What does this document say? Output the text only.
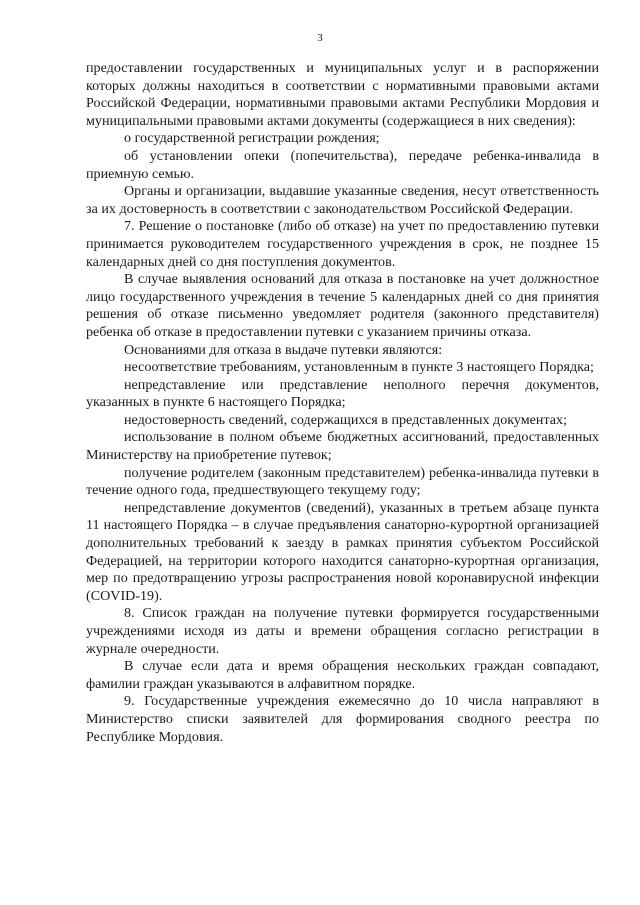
3

предоставлении государственных и муниципальных услуг и в распоряжении которых должны находиться в соответствии с нормативными правовыми актами Российской Федерации, нормативными правовыми актами Республики Мордовия и муниципальными правовыми актами документы (содержащиеся в них сведения):

о государственной регистрации рождения;

об установлении опеки (попечительства), передаче ребенка-инвалида в приемную семью.

Органы и организации, выдавшие указанные сведения, несут ответственность за их достоверность в соответствии с законодательством Российской Федерации.

7. Решение о постановке (либо об отказе) на учет по предоставлению путевки принимается руководителем государственного учреждения в срок, не позднее 15 календарных дней со дня поступления документов.

В случае выявления оснований для отказа в постановке на учет должностное лицо государственного учреждения в течение 5 календарных дней со дня принятия решения об отказе письменно уведомляет родителя (законного представителя) ребенка об отказе в предоставлении путевки с указанием причины отказа.

Основаниями для отказа в выдаче путевки являются:

несоответствие требованиям, установленным в пункте 3 настоящего Порядка;

непредставление или представление неполного перечня документов, указанных в пункте 6 настоящего Порядка;

недостоверность сведений, содержащихся в представленных документах;

использование в полном объеме бюджетных ассигнований, предоставленных Министерству на приобретение путевок;

получение родителем (законным представителем) ребенка-инвалида путевки в течение одного года, предшествующего текущему году;

непредставление документов (сведений), указанных в третьем абзаце пункта 11 настоящего Порядка – в случае предъявления санаторно-курортной организацией дополнительных требований к заезду в рамках принятия субъектом Российской Федерацией, на территории которого находится санаторно-курортная организация, мер по предотвращению угрозы распространения новой коронавирусной инфекции (COVID-19).

8. Список граждан на получение путевки формируется государственными учреждениями исходя из даты и времени обращения согласно регистрации в журнале очередности.

В случае если дата и время обращения нескольких граждан совпадают, фамилии граждан указываются в алфавитном порядке.

9. Государственные учреждения ежемесячно до 10 числа направляют в Министерство списки заявителей для формирования сводного реестра по Республике Мордовия.
